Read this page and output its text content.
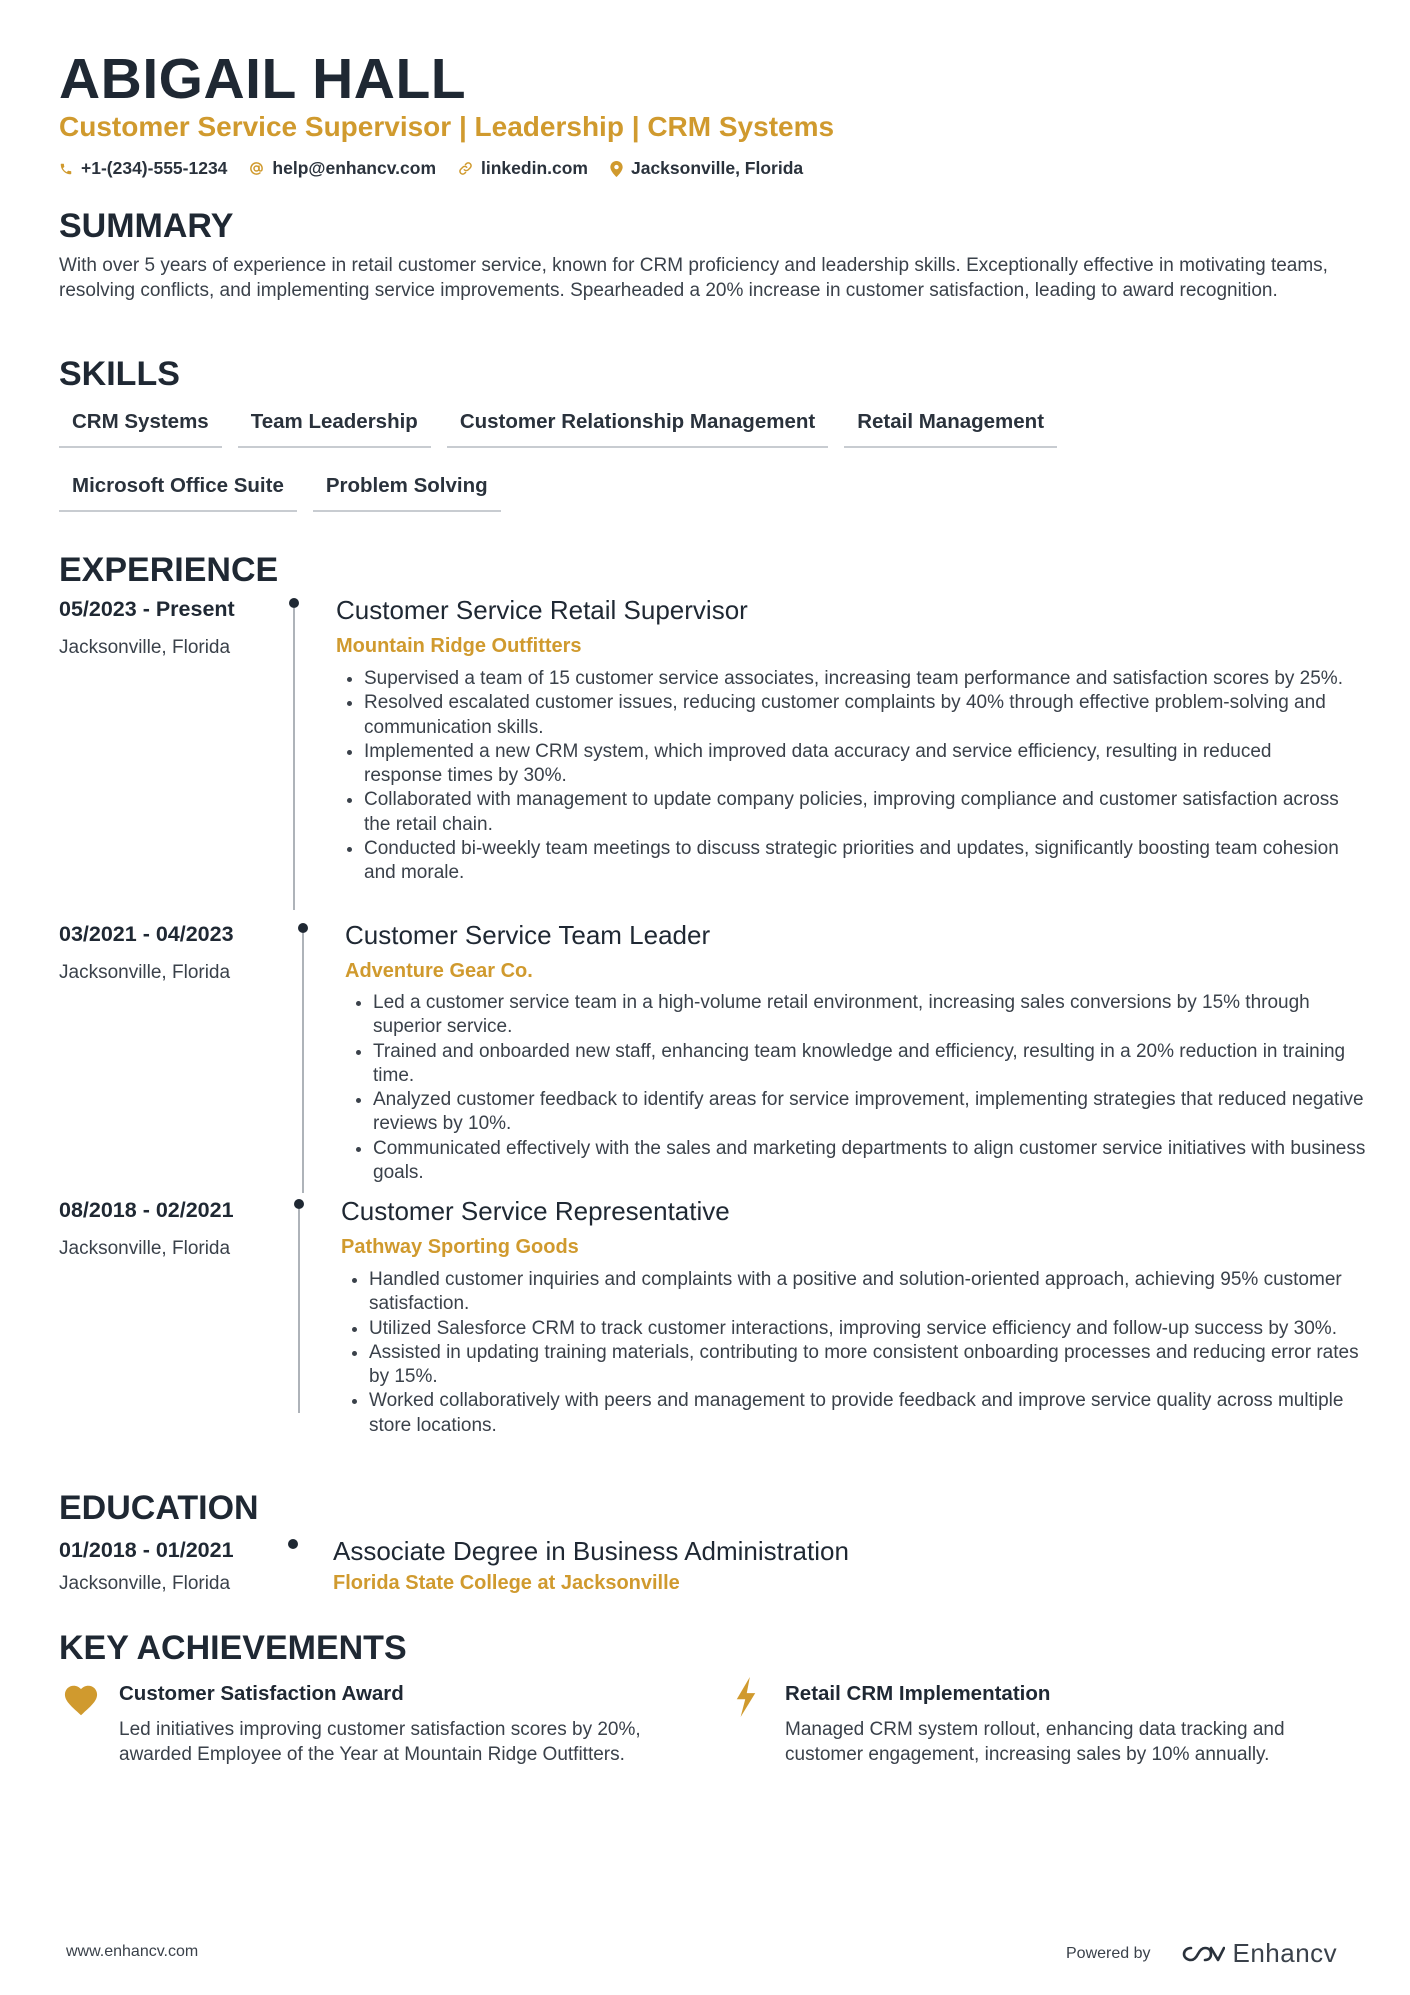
ABIGAIL HALL
Customer Service Supervisor | Leadership | CRM Systems
+1-(234)-555-1234	help@enhancv.com	linkedin.com Jacksonville, Florida
SUMMARY
With over 5 years of experience in retail customer service, known for CRM proficiency and leadership skills. Exceptionally effective in motivating teams, resolving conflicts, and implementing service improvements. Spearheaded a 20% increase in customer satisfaction, leading to award recognition.
SKILLS
CRM Systems	Team Leadership	Customer Relationship Management	Retail Management
Microsoft Office Suite	Problem Solving
EXPERIENCE
05/2023 - Present
Jacksonville, Florida
Customer Service Retail Supervisor
Mountain Ridge Outfitters
• Supervised a team of 15 customer service associates, increasing team performance and satisfaction scores by 25%.
• Resolved escalated customer issues, reducing customer complaints by 40% through effective problem-solving and communication skills.
• Implemented a new CRM system, which improved data accuracy and service efficiency, resulting in reduced response times by 30%.
• Collaborated with management to update company policies, improving compliance and customer satisfaction across the retail chain.
• Conducted bi-weekly team meetings to discuss strategic priorities and updates, significantly boosting team cohesion and morale.
03/2021 - 04/2023
Jacksonville, Florida
Customer Service Team Leader
Adventure Gear Co.
• Led a customer service team in a high-volume retail environment, increasing sales conversions by 15% through superior service.
• Trained and onboarded new staff, enhancing team knowledge and efficiency, resulting in a 20% reduction in training time.
• Analyzed customer feedback to identify areas for service improvement, implementing strategies that reduced negative reviews by 10%.
• Communicated effectively with the sales and marketing departments to align customer service initiatives with business goals.
08/2018 - 02/2021
Jacksonville, Florida
Customer Service Representative
Pathway Sporting Goods
• Handled customer inquiries and complaints with a positive and solution-oriented approach, achieving 95% customer satisfaction.
• Utilized Salesforce CRM to track customer interactions, improving service efficiency and follow-up success by 30%.
• Assisted in updating training materials, contributing to more consistent onboarding processes and reducing error rates by 15%.
• Worked collaboratively with peers and management to provide feedback and improve service quality across multiple store locations.
EDUCATION
01/2018 - 01/2021
Jacksonville, Florida
Associate Degree in Business Administration
Florida State College at Jacksonville
KEY ACHIEVEMENTS
Customer Satisfaction Award
Led initiatives improving customer satisfaction scores by 20%, awarded Employee of the Year at Mountain Ridge Outfitters.
Retail CRM Implementation
Managed CRM system rollout, enhancing data tracking and customer engagement, increasing sales by 10% annually.
www.enhancv.com	Powered by	Enhancv
